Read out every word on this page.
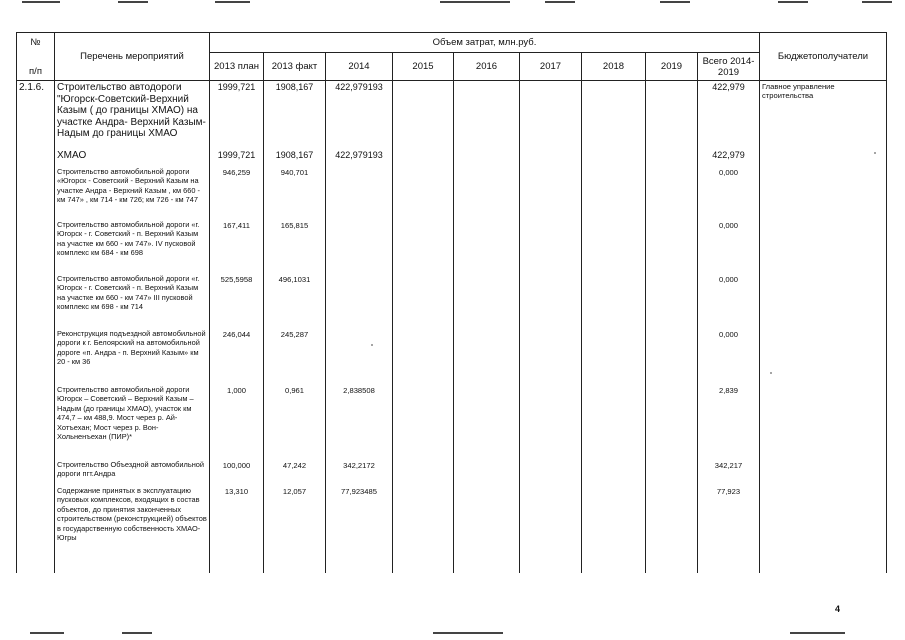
№
п/п	Перечень мероприятий	Объем затрат, млн.руб.									Бюджетополучатели
		2013 план	2013 факт	2014	2015	2016	2017	2018	2019	Всего 2014-2019	
2.1.6.	Строительство автодороги "Югорск-Советский-Верхний Казым ( до границы ХМАО) на участке Андра- Верхний Казым-Надым до границы ХМАО	1999,721	1908,167	422,979193						422,979	Главное управление строительства
	ХМАО	1999,721	1908,167	422,979193						422,979	
	Строительство автомобильной дороги «Югорск - Советский - Верхний Казым на участке Андра - Верхний Казым , км 660 - км 747» , км 714 - км 726; км 726 - км 747	946,259	940,701							0,000	
	Строительство автомобильной дороги «г. Югорск - г. Советский - п. Верхний Казым на участке км 660 - км 747». IV пусковой комплекс км 684 - км 698	167,411	165,815							0,000	
	Строительство автомобильной дороги «г. Югорск - г. Советский - п. Верхний Казым на участке км 660 - км 747» III пусковой комплекс км 698 - км 714	525,5958	496,1031							0,000	
	Реконструкция подъездной автомобильной дороги к г. Белоярский на автомобильной дороге «п. Андра - п. Верхний Казым» км 20 - км 36	246,044	245,287							0,000	
	Строительство автомобильной дороги Югорск – Советский – Верхний Казым – Надым (до границы ХМАО), участок км 474,7 – км 488,9. Мост через р. Ай-Хотъехан; Мост через р. Вон-Хольненъехан (ПИР)*	1,000	0,961	2,838508						2,839	
	Строительство Объездной автомобильной дороги пгт.Андра	100,000	47,242	342,2172						342,217	
	Содержание принятых в эксплуатацию пусковых комплексов, входящих в состав объектов, до принятия законченных строительством (реконструкцией) объектов в государственную собственность ХМАО-Югры	13,310	12,057	77,923485						77,923	
4
